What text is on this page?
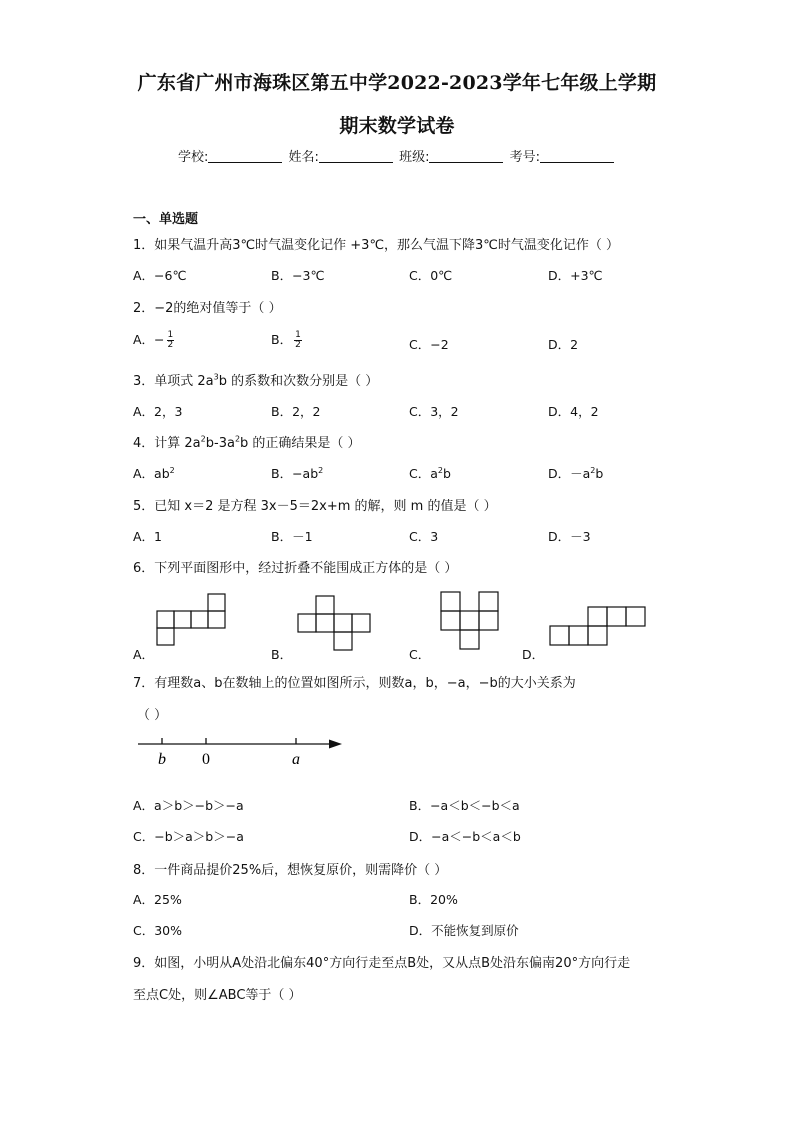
广东省广州市海珠区第五中学2022-2023学年七年级上学期
期末数学试卷
学校:	姓名:	班级:	考号:
一、单选题
1．如果气温升高3℃时气温变化记作 +3℃，那么气温下降3℃时气温变化记作（ ）
A．−6℃	B．−3℃	C．0℃	D．+3℃
2．−2的绝对值等于（ ）
A．− $\frac{1}{2}$	B． $\frac{1}{2}$	C．−2	D．2
3．单项式 $2a^3b$ 的系数和次数分别是（ ）
A．2，3	B．2，2	C．3，2	D．4，2
4．计算 $2a^2b-3a^2b$ 的正确结果是（ ）
A．$ab^2$	B．$-ab^2$	C．$a^2b$	D．$-a^2b$
5．已知 x＝2 是方程 3x－5＝2x+m 的解，则 m 的值是（ ）
A．1	B．－1	C．3	D．－3
6．下列平面图形中，经过折叠不能围成正方体的是（ ）
A．	B．	C．	D．
7．有理数a、b在数轴上的位置如图所示，则数a，b，−a，−b的大小关系为
（ ）
b 0	a
A．a＞b＞−b＞−a	B．−a＜b＜−b＜a
C．−b＞a＞b＞−a	D．−a＜−b＜a＜b
8．一件商品提价25%后，想恢复原价，则需降价（ ）
A．25%	B．20%
C．30%	D．不能恢复到原价
9．如图，小明从A处沿北偏东40°方向行走至点B处，又从点B处沿东偏南20°方向行走
至点C处，则∠ABC等于（ ）
